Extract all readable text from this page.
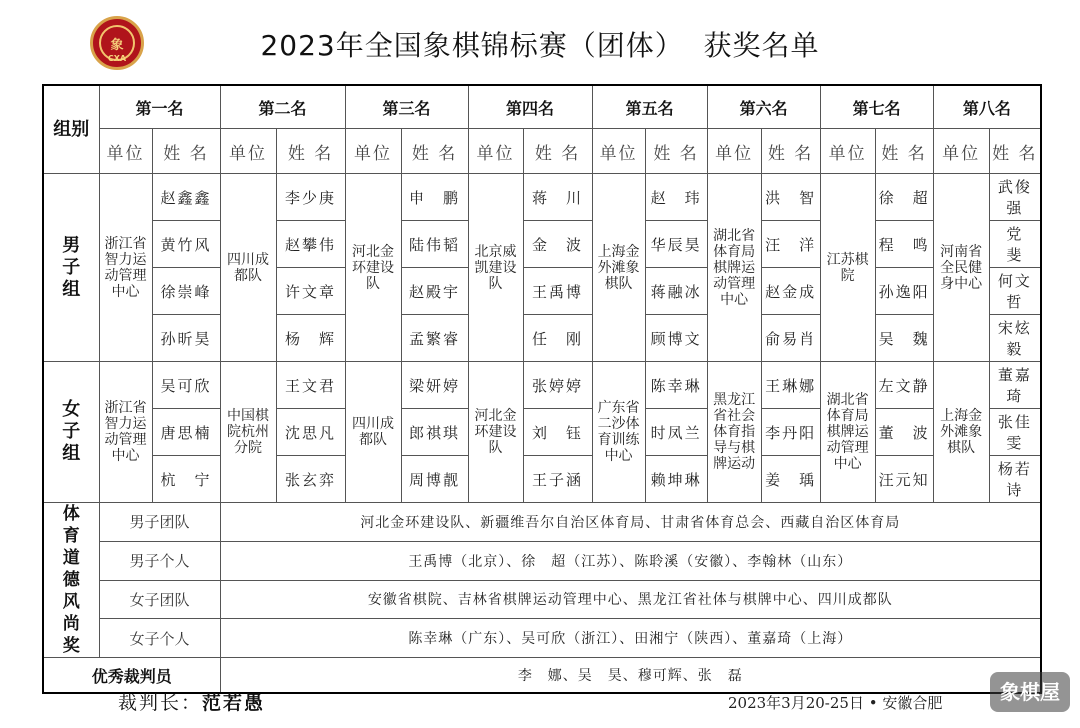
象
CXA	2023年全国象棋锦标赛（团体）  获奖名单
组别	第一名		第二名		第三名		第四名		第五名		第六名		第七名		第八名	
	单位	姓 名	单位	姓 名	单位	姓 名	单位	姓 名	单位	姓 名	单位	姓 名	单位	姓 名	单位	姓 名
男子组	浙江省智力运动管理中心	赵鑫鑫	四川成都队	李少庚	河北金环建设队	申　鹏	北京威凯建设队	蒋　川	上海金外滩象棋队	赵　玮	湖北省体育局棋牌运动管理中心	洪　智	江苏棋院	徐　超	河南省全民健身中心	武俊强
		黄竹风		赵攀伟		陆伟韬		金　波		华辰昊		汪　洋		程　鸣		党　斐
		徐崇峰		许文章		赵殿宇		王禹博		蒋融冰		赵金成		孙逸阳		何文哲
		孙昕昊		杨　辉		孟繁睿		任　刚		顾博文		俞易肖		吴　魏		宋炫毅
女子组	浙江省智力运动管理中心	吴可欣	中国棋院杭州分院	王文君	四川成都队	梁妍婷	河北金环建设队	张婷婷	广东省二沙体育训练中心	陈幸琳	黑龙江省社会体育指导与棋牌运动	王琳娜	湖北省体育局棋牌运动管理中心	左文静	上海金外滩象棋队	董嘉琦
		唐思楠		沈思凡		郎祺琪		刘　钰		时凤兰		李丹阳		董　波		张佳雯
		杭　宁		张玄弈		周博靓		王子涵		赖坤琳		姜　瑀		汪元知		杨若诗
体育道德风尚奖	男子团队		河北金环建设队、新疆维吾尔自治区体育局、甘肃省体育总会、西藏自治区体育局													
	男子个人		王禹博（北京）、徐　超（江苏）、陈聆溪（安徽）、李翰林（山东）													
	女子团队		安徽省棋院、吉林省棋牌运动管理中心、黑龙江省社体与棋牌中心、四川成都队													
	女子个人		陈幸琳（广东）、吴可欣（浙江）、田湘宁（陕西）、董嘉琦（上海）													
优秀裁判员			李　娜、吴　昊、穆可辉、张　磊													
裁判长：范若愚	2023年3月20-25日 • 安徽合肥	象棋屋
